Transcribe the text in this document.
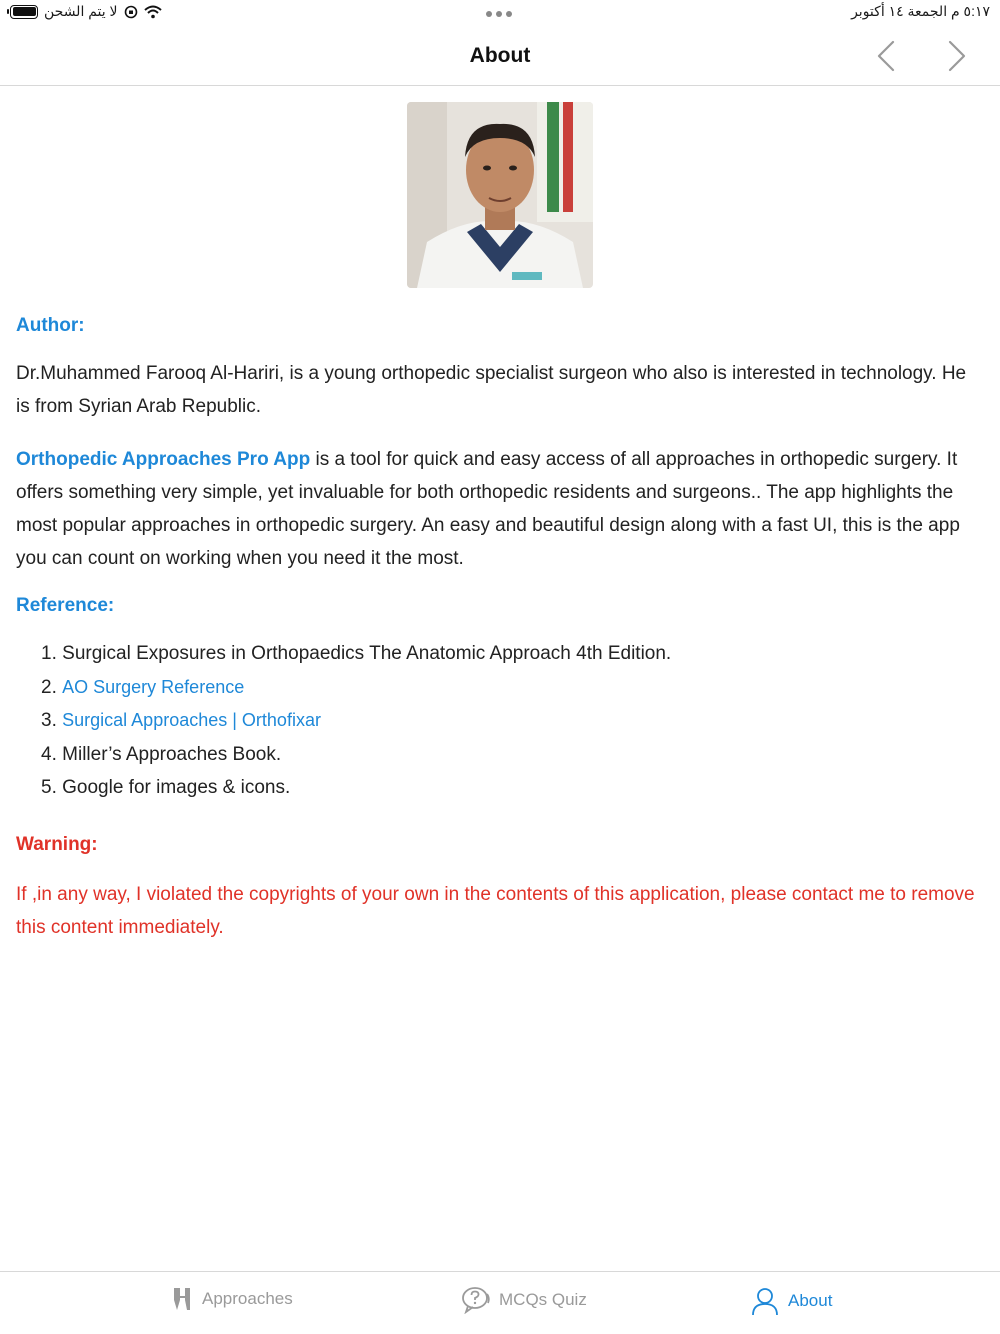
لا يتم الشحن	٥:١٧ م الجمعة ١٤ أكتوبر
About
Author:

Dr.Muhammed Farooq Al-Hariri, is a young orthopedic specialist surgeon who also is interested in technology. He is from Syrian Arab Republic.

Orthopedic Approaches Pro App is a tool for quick and easy access of all approaches in orthopedic surgery. It offers something very simple, yet invaluable for both orthopedic residents and surgeons.. The app highlights the most popular approaches in orthopedic surgery. An easy and beautiful design along with a fast UI, this is the app you can count on working when you need it the most.

Reference:
1. Surgical Exposures in Orthopaedics The Anatomic Approach 4th Edition.
2. AO Surgery Reference
3. Surgical Approaches | Orthofixar
4. Miller’s Approaches Book.
5. Google for images & icons.
Warning:

If ,in any way, I violated the copyrights of your own in the contents of this application, please contact me to remove this content immediately.

Approaches	MCQs Quiz	About
